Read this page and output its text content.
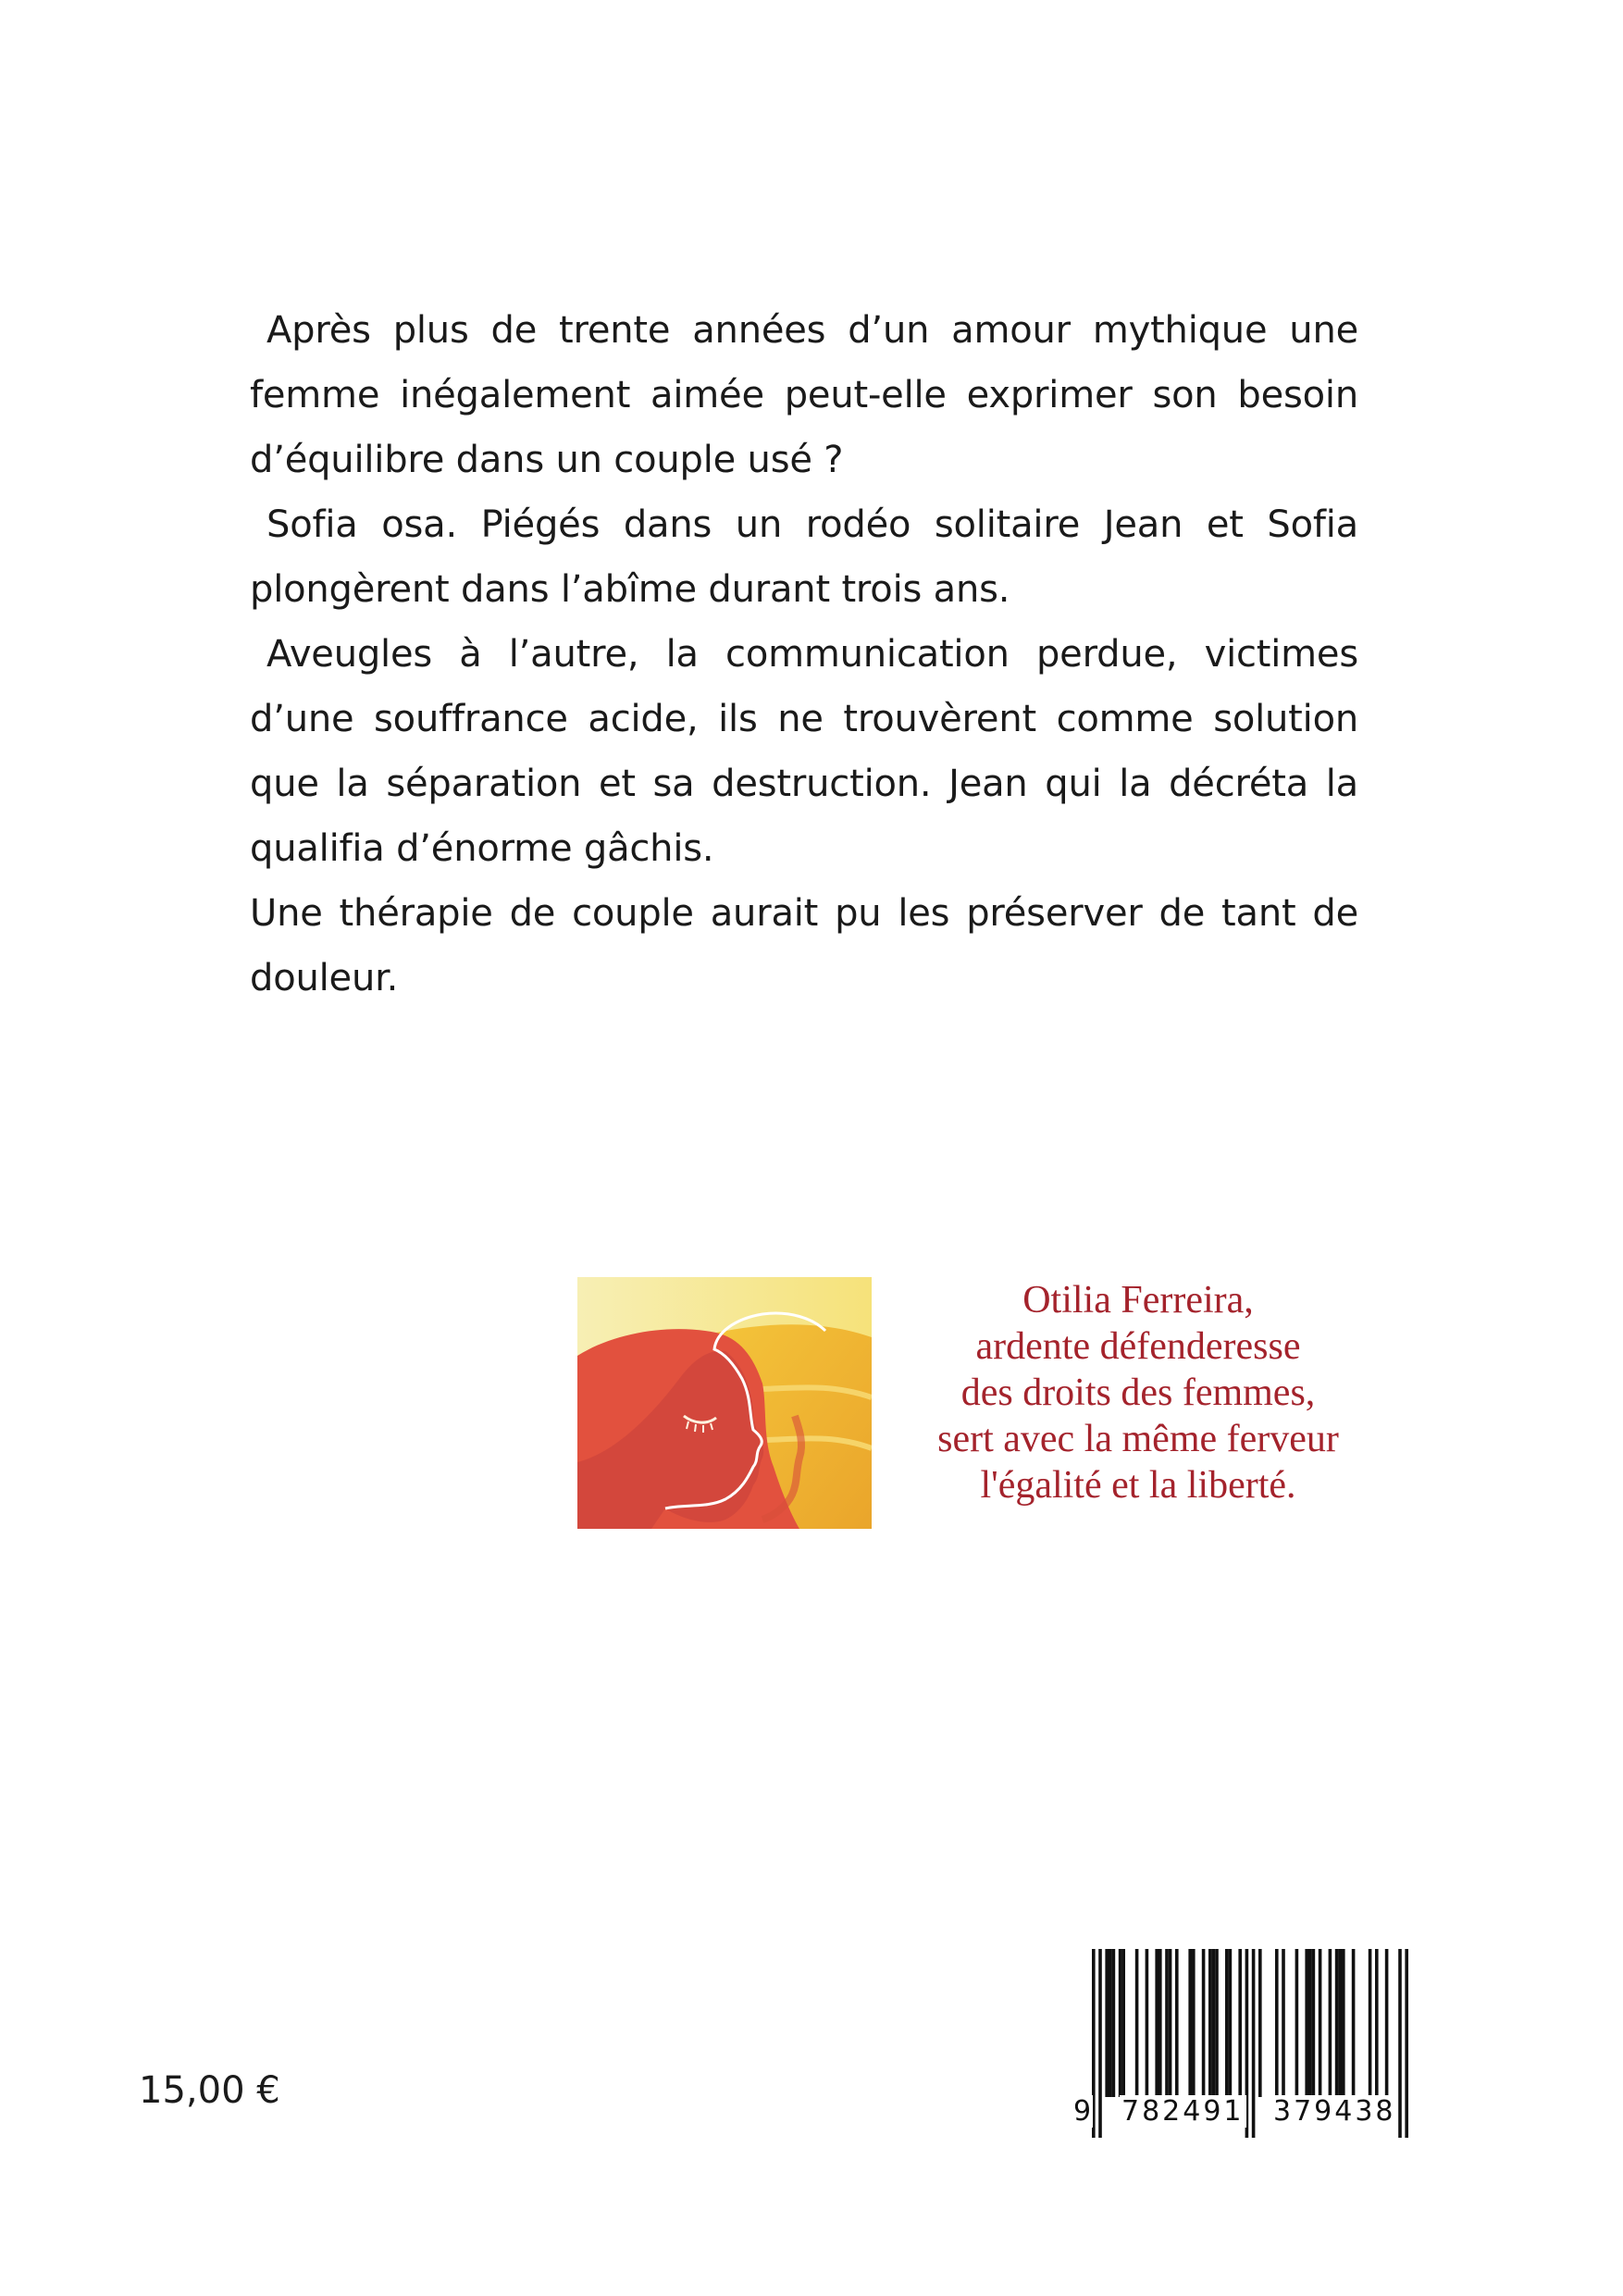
Après plus de trente années d’un amour mythique une femme inégalement aimée peut-elle exprimer son besoin d’équilibre dans un couple usé ?

Sofia osa. Piégés dans un rodéo solitaire Jean et Sofia plongèrent dans l’abîme durant trois ans.

Aveugles à l’autre, la communication perdue, victimes d’une souffrance acide, ils ne trouvèrent comme solution que la séparation et sa destruction. Jean qui la décréta la qualifia d’énorme gâchis.

Une thérapie de couple aurait pu les préserver de tant de douleur.

Otilia Ferreira,
ardente défenderesse
des droits des femmes,
sert avec la même ferveur
l'égalité et la liberté.
15,00 €	9 782491 379438
